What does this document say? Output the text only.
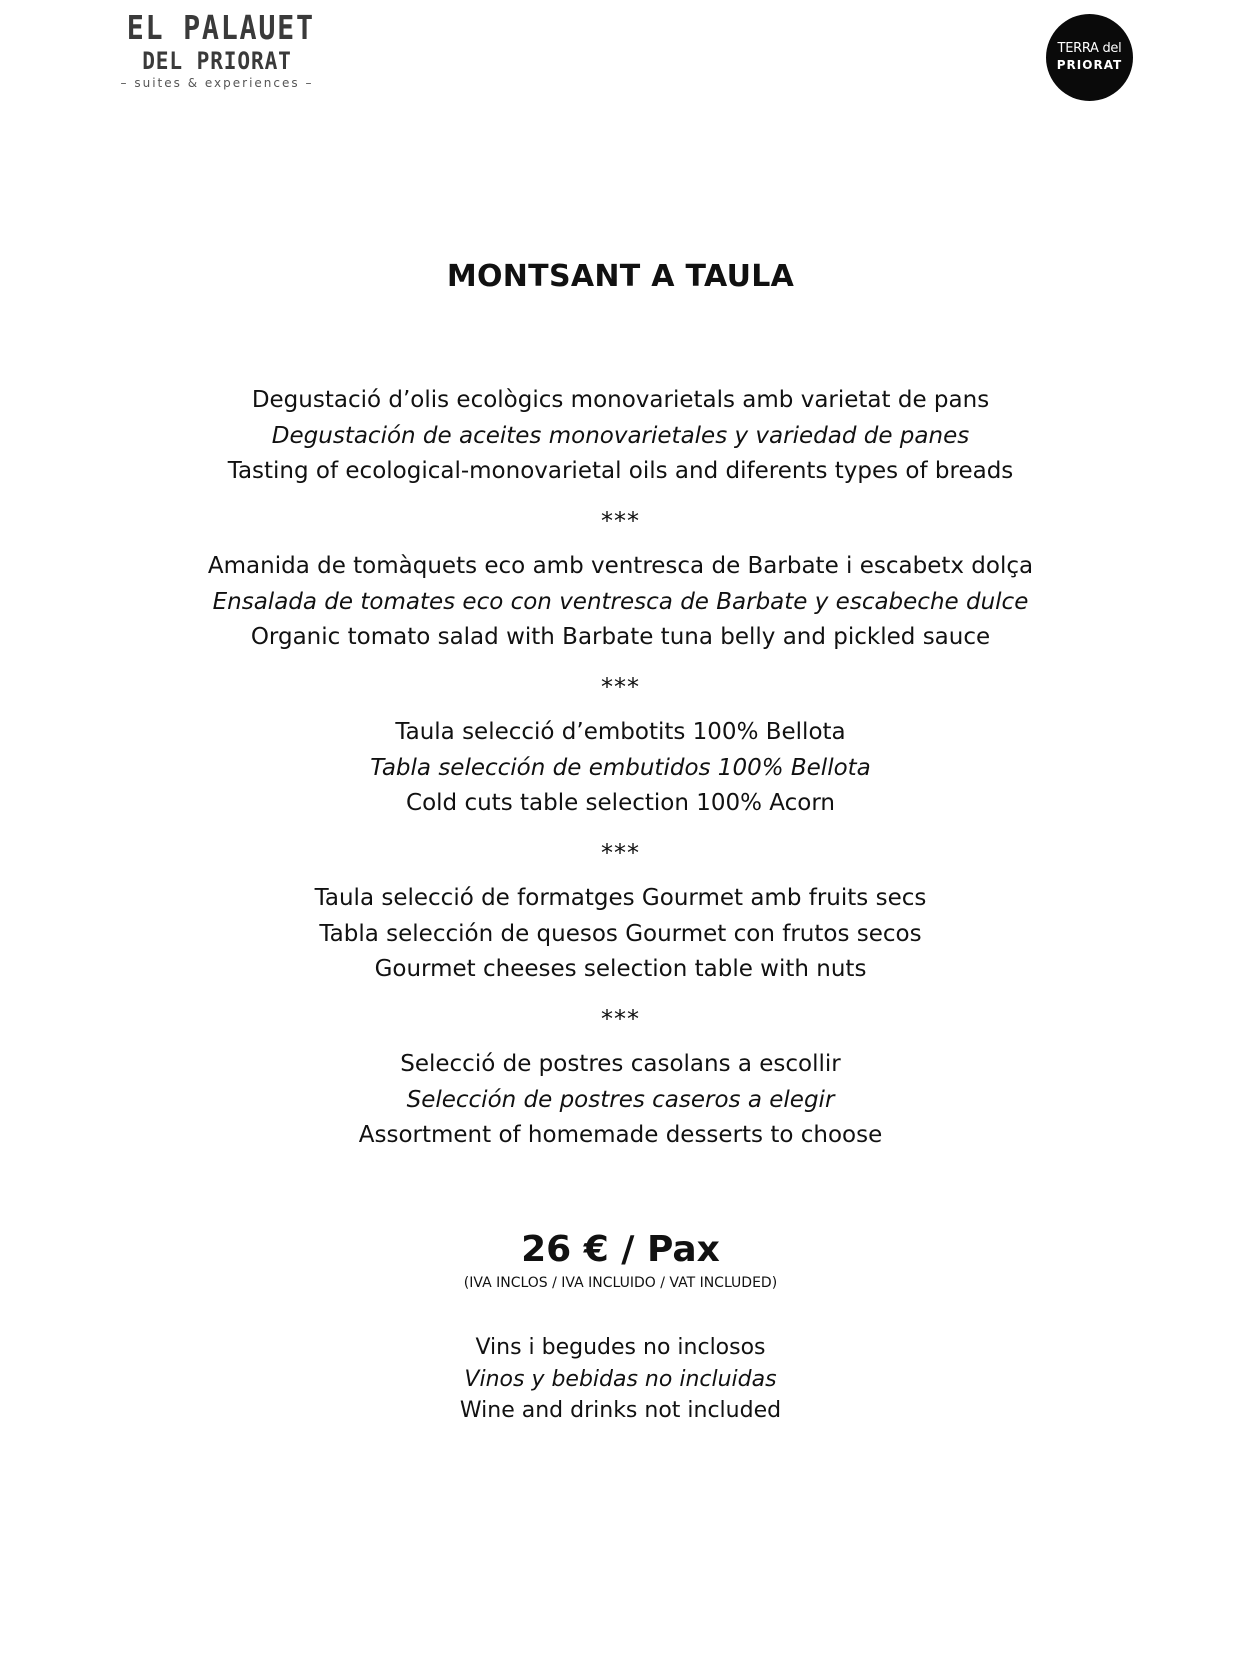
EL PALAUET
DEL PRIORAT
– suites & experiences –
TERRA del
PRIORAT
MONTSANT A TAULA
Degustació d’olis ecològics monovarietals amb varietat de pans
Degustación de aceites monovarietales y variedad de panes
Tasting of ecological-monovarietal oils and diferents types of breads
***
Amanida de tomàquets eco amb ventresca de Barbate i escabetx dolça
Ensalada de tomates eco con ventresca de Barbate y escabeche dulce
Organic tomato salad with Barbate tuna belly and pickled sauce
***
Taula selecció d’embotits 100% Bellota
Tabla selección de embutidos 100% Bellota
Cold cuts table selection 100% Acorn
***
Taula selecció de formatges Gourmet amb fruits secs
Tabla selección de quesos Gourmet con frutos secos
Gourmet cheeses selection table with nuts
***
Selecció de postres casolans a escollir
Selección de postres caseros a elegir
Assortment of homemade desserts to choose
26 € / Pax
(IVA INCLOS / IVA INCLUIDO / VAT INCLUDED)
Vins i begudes no inclosos
Vinos y bebidas no incluidas
Wine and drinks not included
